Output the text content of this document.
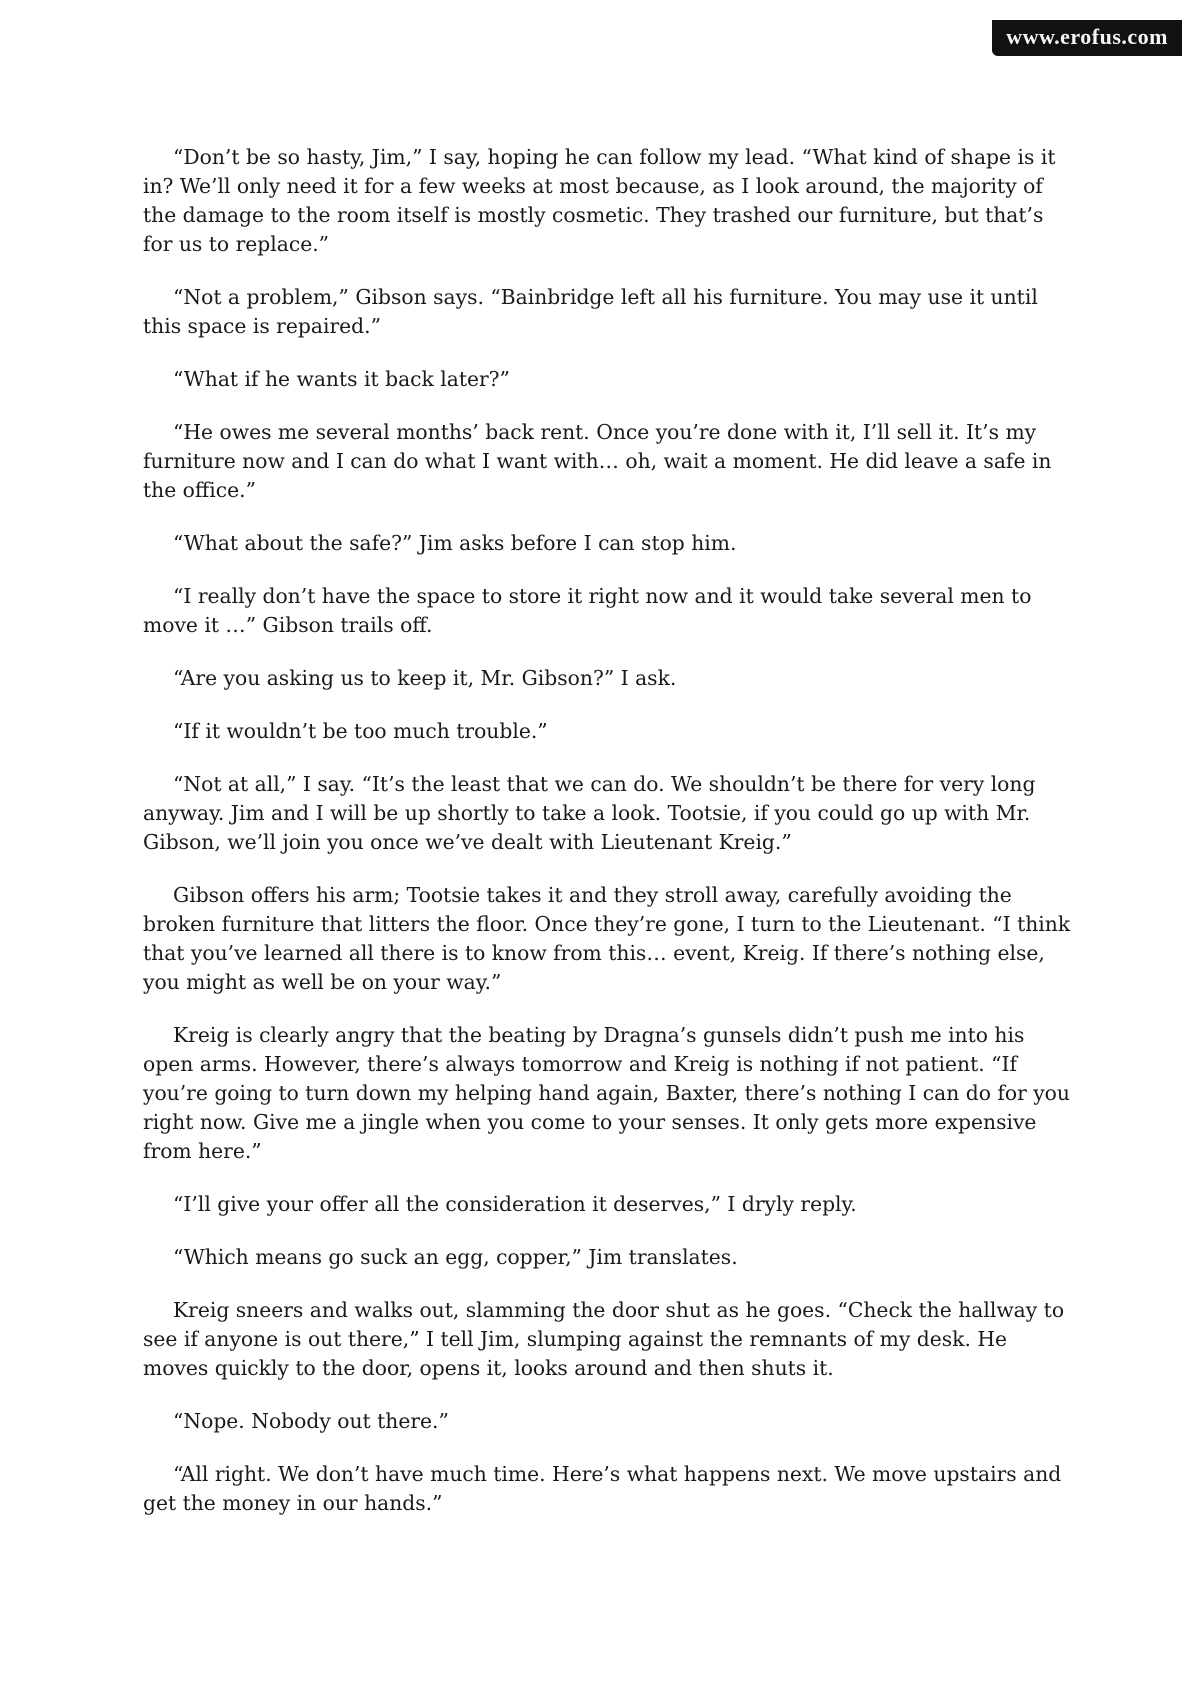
www.erofus.com

“Don’t be so hasty, Jim,” I say, hoping he can follow my lead. “What kind of shape is it in? We’ll only need it for a few weeks at most because, as I look around, the majority of the damage to the room itself is mostly cosmetic. They trashed our furniture, but that’s for us to replace.”

“Not a problem,” Gibson says. “Bainbridge left all his furniture. You may use it until this space is repaired.”

“What if he wants it back later?”

“He owes me several months’ back rent. Once you’re done with it, I’ll sell it. It’s my furniture now and I can do what I want with… oh, wait a moment. He did leave a safe in the office.”

“What about the safe?” Jim asks before I can stop him.

“I really don’t have the space to store it right now and it would take several men to move it …” Gibson trails off.

“Are you asking us to keep it, Mr. Gibson?” I ask.

“If it wouldn’t be too much trouble.”

“Not at all,” I say. “It’s the least that we can do. We shouldn’t be there for very long anyway. Jim and I will be up shortly to take a look. Tootsie, if you could go up with Mr. Gibson, we’ll join you once we’ve dealt with Lieutenant Kreig.”

Gibson offers his arm; Tootsie takes it and they stroll away, carefully avoiding the broken furniture that litters the floor. Once they’re gone, I turn to the Lieutenant. “I think that you’ve learned all there is to know from this… event, Kreig. If there’s nothing else, you might as well be on your way.”

Kreig is clearly angry that the beating by Dragna’s gunsels didn’t push me into his open arms. However, there’s always tomorrow and Kreig is nothing if not patient. “If you’re going to turn down my helping hand again, Baxter, there’s nothing I can do for you right now. Give me a jingle when you come to your senses. It only gets more expensive from here.”

“I’ll give your offer all the consideration it deserves,” I dryly reply.

“Which means go suck an egg, copper,” Jim translates.

Kreig sneers and walks out, slamming the door shut as he goes. “Check the hallway to see if anyone is out there,” I tell Jim, slumping against the remnants of my desk. He moves quickly to the door, opens it, looks around and then shuts it.

“Nope. Nobody out there.”

“All right. We don’t have much time. Here’s what happens next. We move upstairs and get the money in our hands.”
